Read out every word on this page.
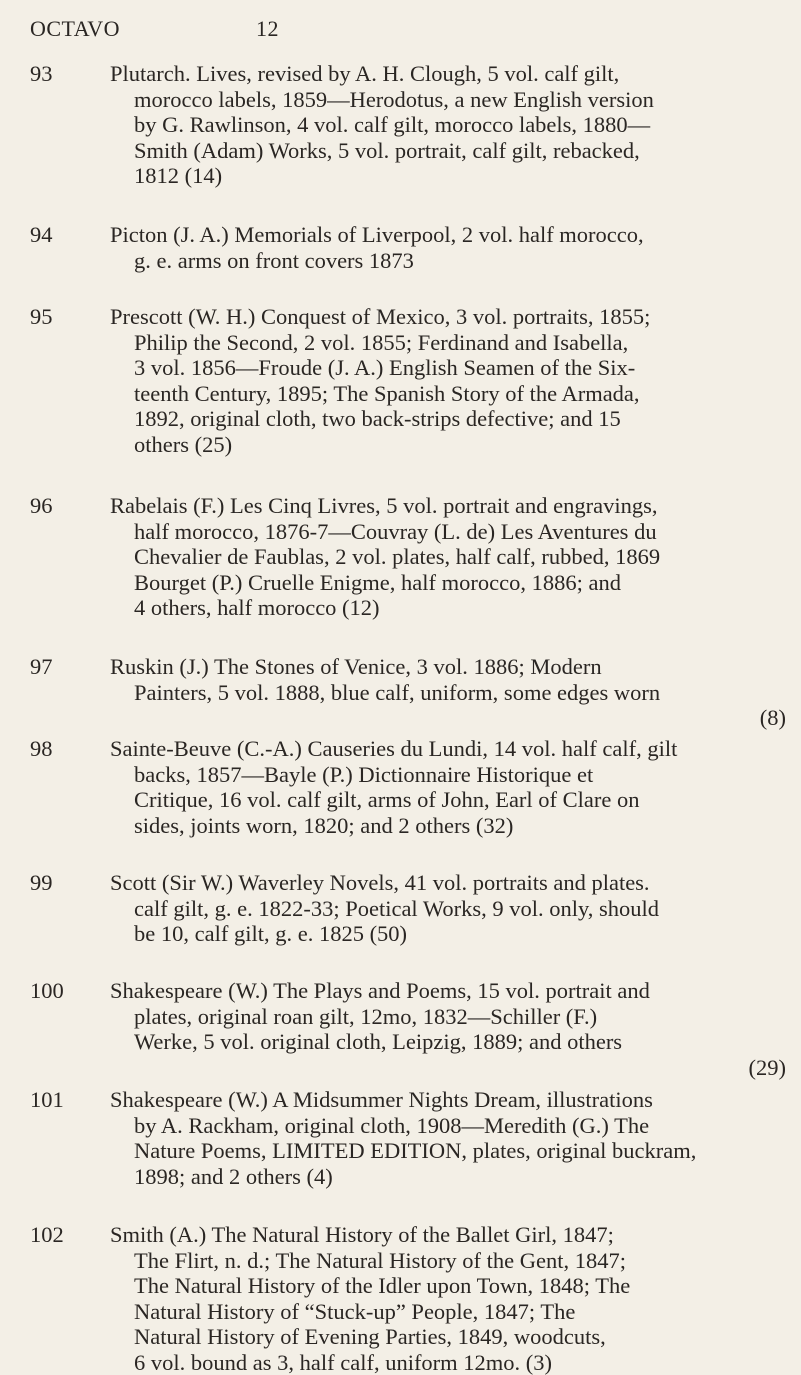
OCTAVO	12
93	Plutarch. Lives, revised by A. H. Clough, 5 vol. calf gilt,
morocco labels, 1859—Herodotus, a new English version
by G. Rawlinson, 4 vol. calf gilt, morocco labels, 1880—
Smith (Adam) Works, 5 vol. portrait, calf gilt, rebacked,
1812 (14)
94	Picton (J. A.) Memorials of Liverpool, 2 vol. half morocco,
g. e. arms on front covers 1873
95	Prescott (W. H.) Conquest of Mexico, 3 vol. portraits, 1855;
Philip the Second, 2 vol. 1855; Ferdinand and Isabella,
3 vol. 1856—Froude (J. A.) English Seamen of the Six-
teenth Century, 1895; The Spanish Story of the Armada,
1892, original cloth, two back-strips defective; and 15
others (25)
96	Rabelais (F.) Les Cinq Livres, 5 vol. portrait and engravings,
half morocco, 1876-7—Couvray (L. de) Les Aventures du
Chevalier de Faublas, 2 vol. plates, half calf, rubbed, 1869
Bourget (P.) Cruelle Enigme, half morocco, 1886; and
4 others, half morocco (12)
97	Ruskin (J.) The Stones of Venice, 3 vol. 1886; Modern
Painters, 5 vol. 1888, blue calf, uniform, some edges worn
(8)
98	Sainte-Beuve (C.-A.) Causeries du Lundi, 14 vol. half calf, gilt
backs, 1857—Bayle (P.) Dictionnaire Historique et
Critique, 16 vol. calf gilt, arms of John, Earl of Clare on
sides, joints worn, 1820; and 2 others (32)
99	Scott (Sir W.) Waverley Novels, 41 vol. portraits and plates.
calf gilt, g. e. 1822-33; Poetical Works, 9 vol. only, should
be 10, calf gilt, g. e. 1825 (50)
100	Shakespeare (W.) The Plays and Poems, 15 vol. portrait and
plates, original roan gilt, 12mo, 1832—Schiller (F.)
Werke, 5 vol. original cloth, Leipzig, 1889; and others
(29)
101	Shakespeare (W.) A Midsummer Nights Dream, illustrations
by A. Rackham, original cloth, 1908—Meredith (G.) The
Nature Poems, LIMITED EDITION, plates, original buckram,
1898; and 2 others (4)
102	Smith (A.) The Natural History of the Ballet Girl, 1847;
The Flirt, n. d.; The Natural History of the Gent, 1847;
The Natural History of the Idler upon Town, 1848; The
Natural History of “Stuck-up” People, 1847; The
Natural History of Evening Parties, 1849, woodcuts,
6 vol. bound as 3, half calf, uniform 12mo. (3)
